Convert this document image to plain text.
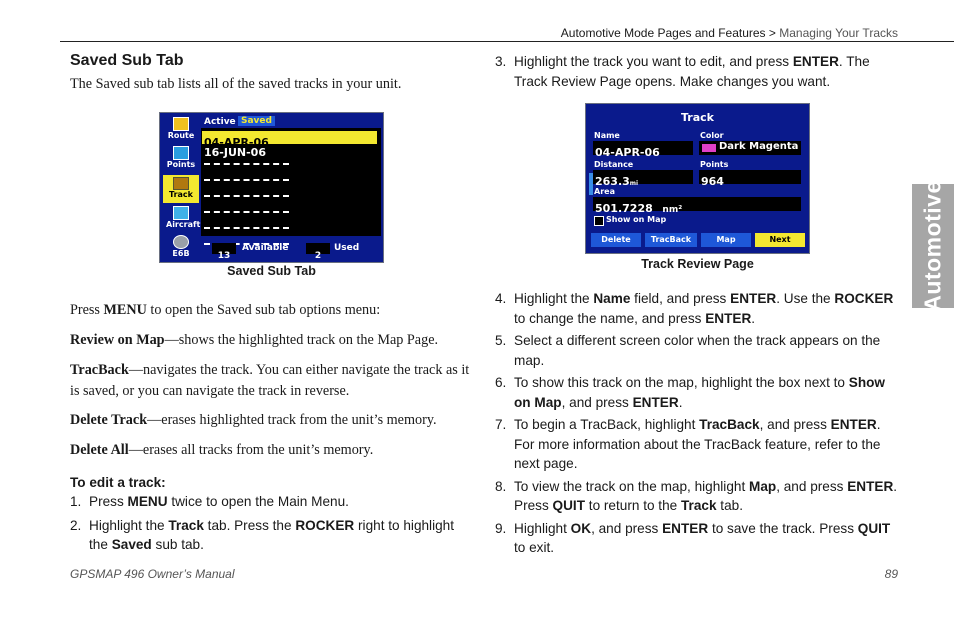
Automotive Mode Pages and Features > Managing Your Tracks
Automotive
Saved Sub Tab
The Saved sub tab lists all of the saved tracks in your unit.
Route
Points
Track
Aircraft
E6B
Active Saved
04-APR-06
16-JUN-06
13
Available
2
Used
Saved Sub Tab
Press MENU to open the Saved sub tab options menu:
Review on Map—shows the highlighted track on the Map Page.
TracBack—navigates the track. You can either navigate the track as it is saved, or you can navigate the track in reverse.
Delete Track—erases highlighted track from the unit’s memory.
Delete All—erases all tracks from the unit’s memory.
To edit a track:
1. Press MENU twice to open the Main Menu.
2. Highlight the Track tab. Press the ROCKER right to highlight the Saved sub tab.
3. Highlight the track you want to edit, and press ENTER. The Track Review Page opens. Make changes you want.
Track
Name
04-APR-06
Color
Dark Magenta
Distance
263.3mi
Points
964
Area
501.7228 nm²
Show on Map
Delete	TracBack	Map	Next
Track Review Page
4. Highlight the Name field, and press ENTER. Use the ROCKER to change the name, and press ENTER.
5. Select a different screen color when the track appears on the map.
6. To show this track on the map, highlight the box next to Show on Map, and press ENTER.
7. To begin a TracBack, highlight TracBack, and press ENTER. For more information about the TracBack feature, refer to the next page.
8. To view the track on the map, highlight Map, and press ENTER. Press QUIT to return to the Track tab.
9. Highlight OK, and press ENTER to save the track. Press QUIT to exit.
GPSMAP 496 Owner’s Manual	89
